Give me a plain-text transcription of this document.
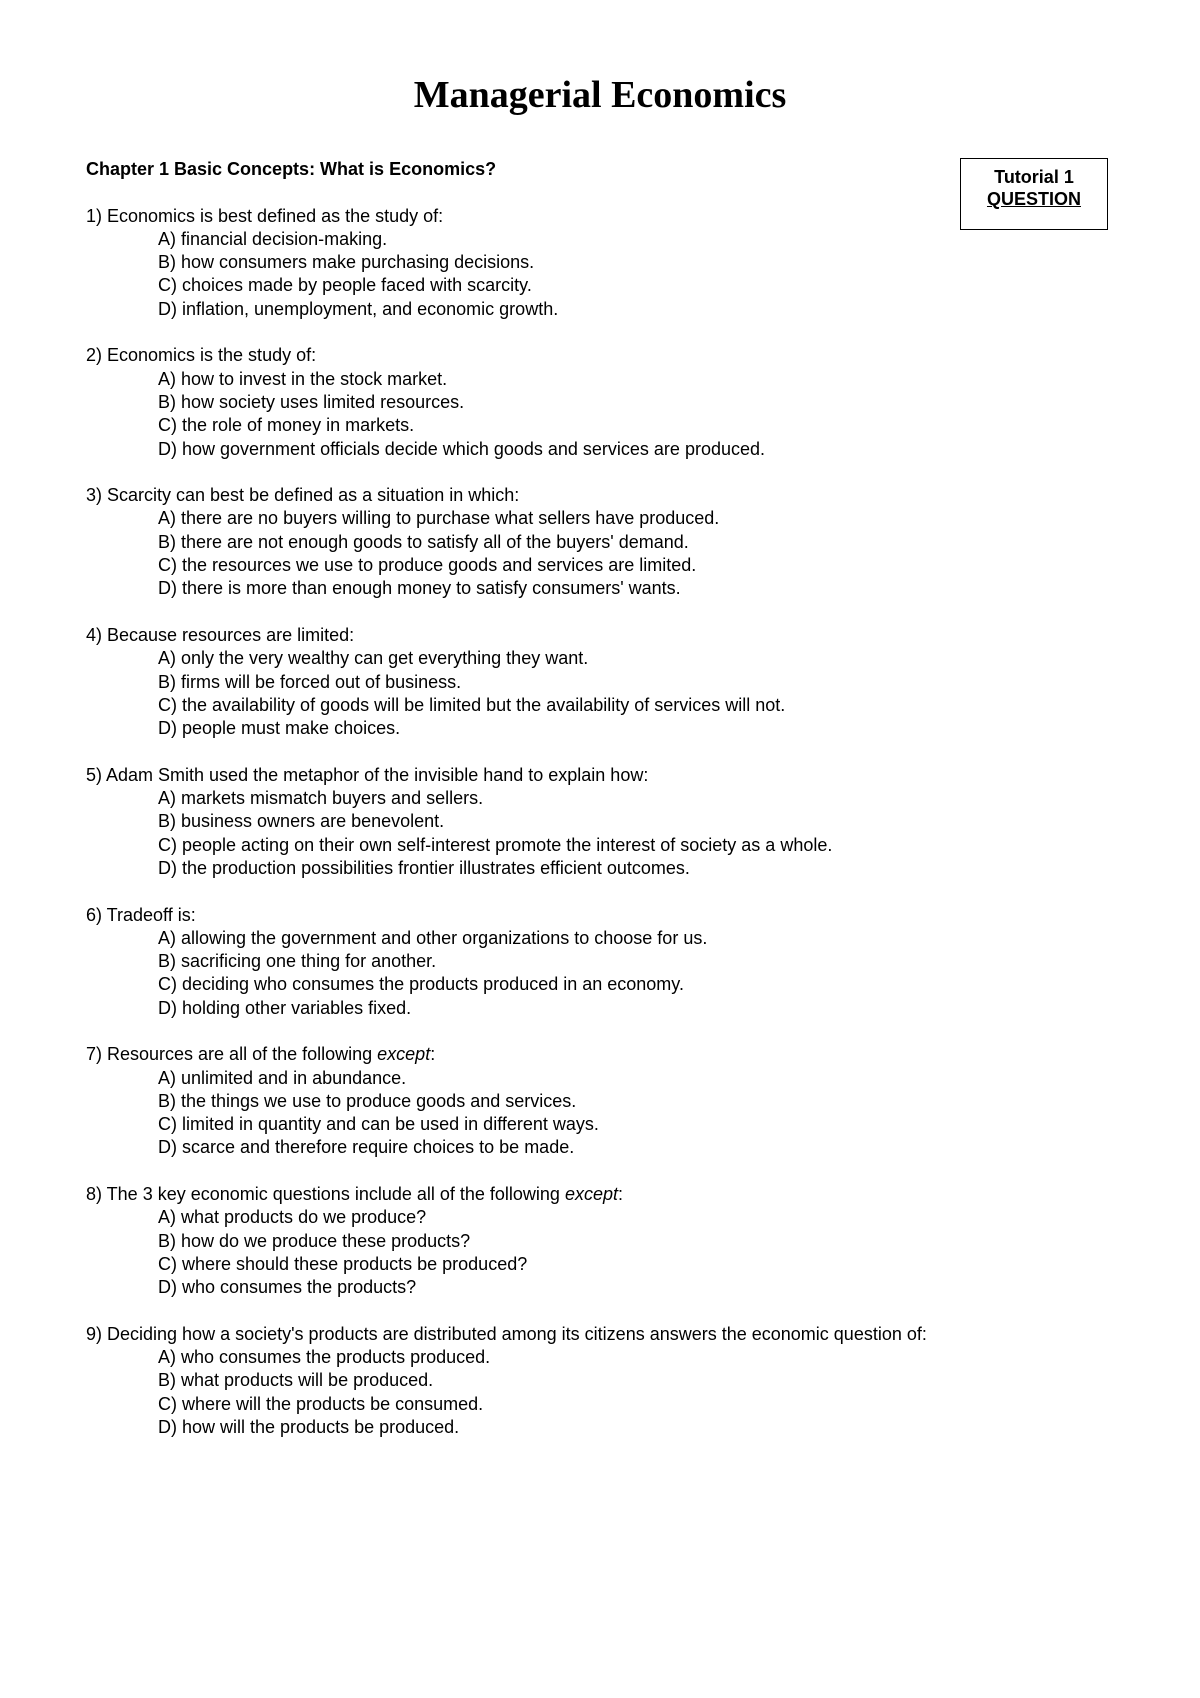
Managerial Economics
Tutorial 1
QUESTION
Chapter 1 Basic Concepts: What is Economics?
1) Economics is best defined as the study of:
A) financial decision-making.
B) how consumers make purchasing decisions.
C) choices made by people faced with scarcity.
D) inflation, unemployment, and economic growth.
2) Economics is the study of:
A) how to invest in the stock market.
B) how society uses limited resources.
C) the role of money in markets.
D) how government officials decide which goods and services are produced.
3) Scarcity can best be defined as a situation in which:
A) there are no buyers willing to purchase what sellers have produced.
B) there are not enough goods to satisfy all of the buyers' demand.
C) the resources we use to produce goods and services are limited.
D) there is more than enough money to satisfy consumers' wants.
4) Because resources are limited:
A) only the very wealthy can get everything they want.
B) firms will be forced out of business.
C) the availability of goods will be limited but the availability of services will not.
D) people must make choices.
5) Adam Smith used the metaphor of the invisible hand to explain how:
A) markets mismatch buyers and sellers.
B) business owners are benevolent.
C) people acting on their own self-interest promote the interest of society as a whole.
D) the production possibilities frontier illustrates efficient outcomes.
6) Tradeoff is:
A) allowing the government and other organizations to choose for us.
B) sacrificing one thing for another.
C) deciding who consumes the products produced in an economy.
D) holding other variables fixed.
7) Resources are all of the following except:
A) unlimited and in abundance.
B) the things we use to produce goods and services.
C) limited in quantity and can be used in different ways.
D) scarce and therefore require choices to be made.
8) The 3 key economic questions include all of the following except:
A) what products do we produce?
B) how do we produce these products?
C) where should these products be produced?
D) who consumes the products?
9) Deciding how a society's products are distributed among its citizens answers the economic question of:
A) who consumes the products produced.
B) what products will be produced.
C) where will the products be consumed.
D) how will the products be produced.
